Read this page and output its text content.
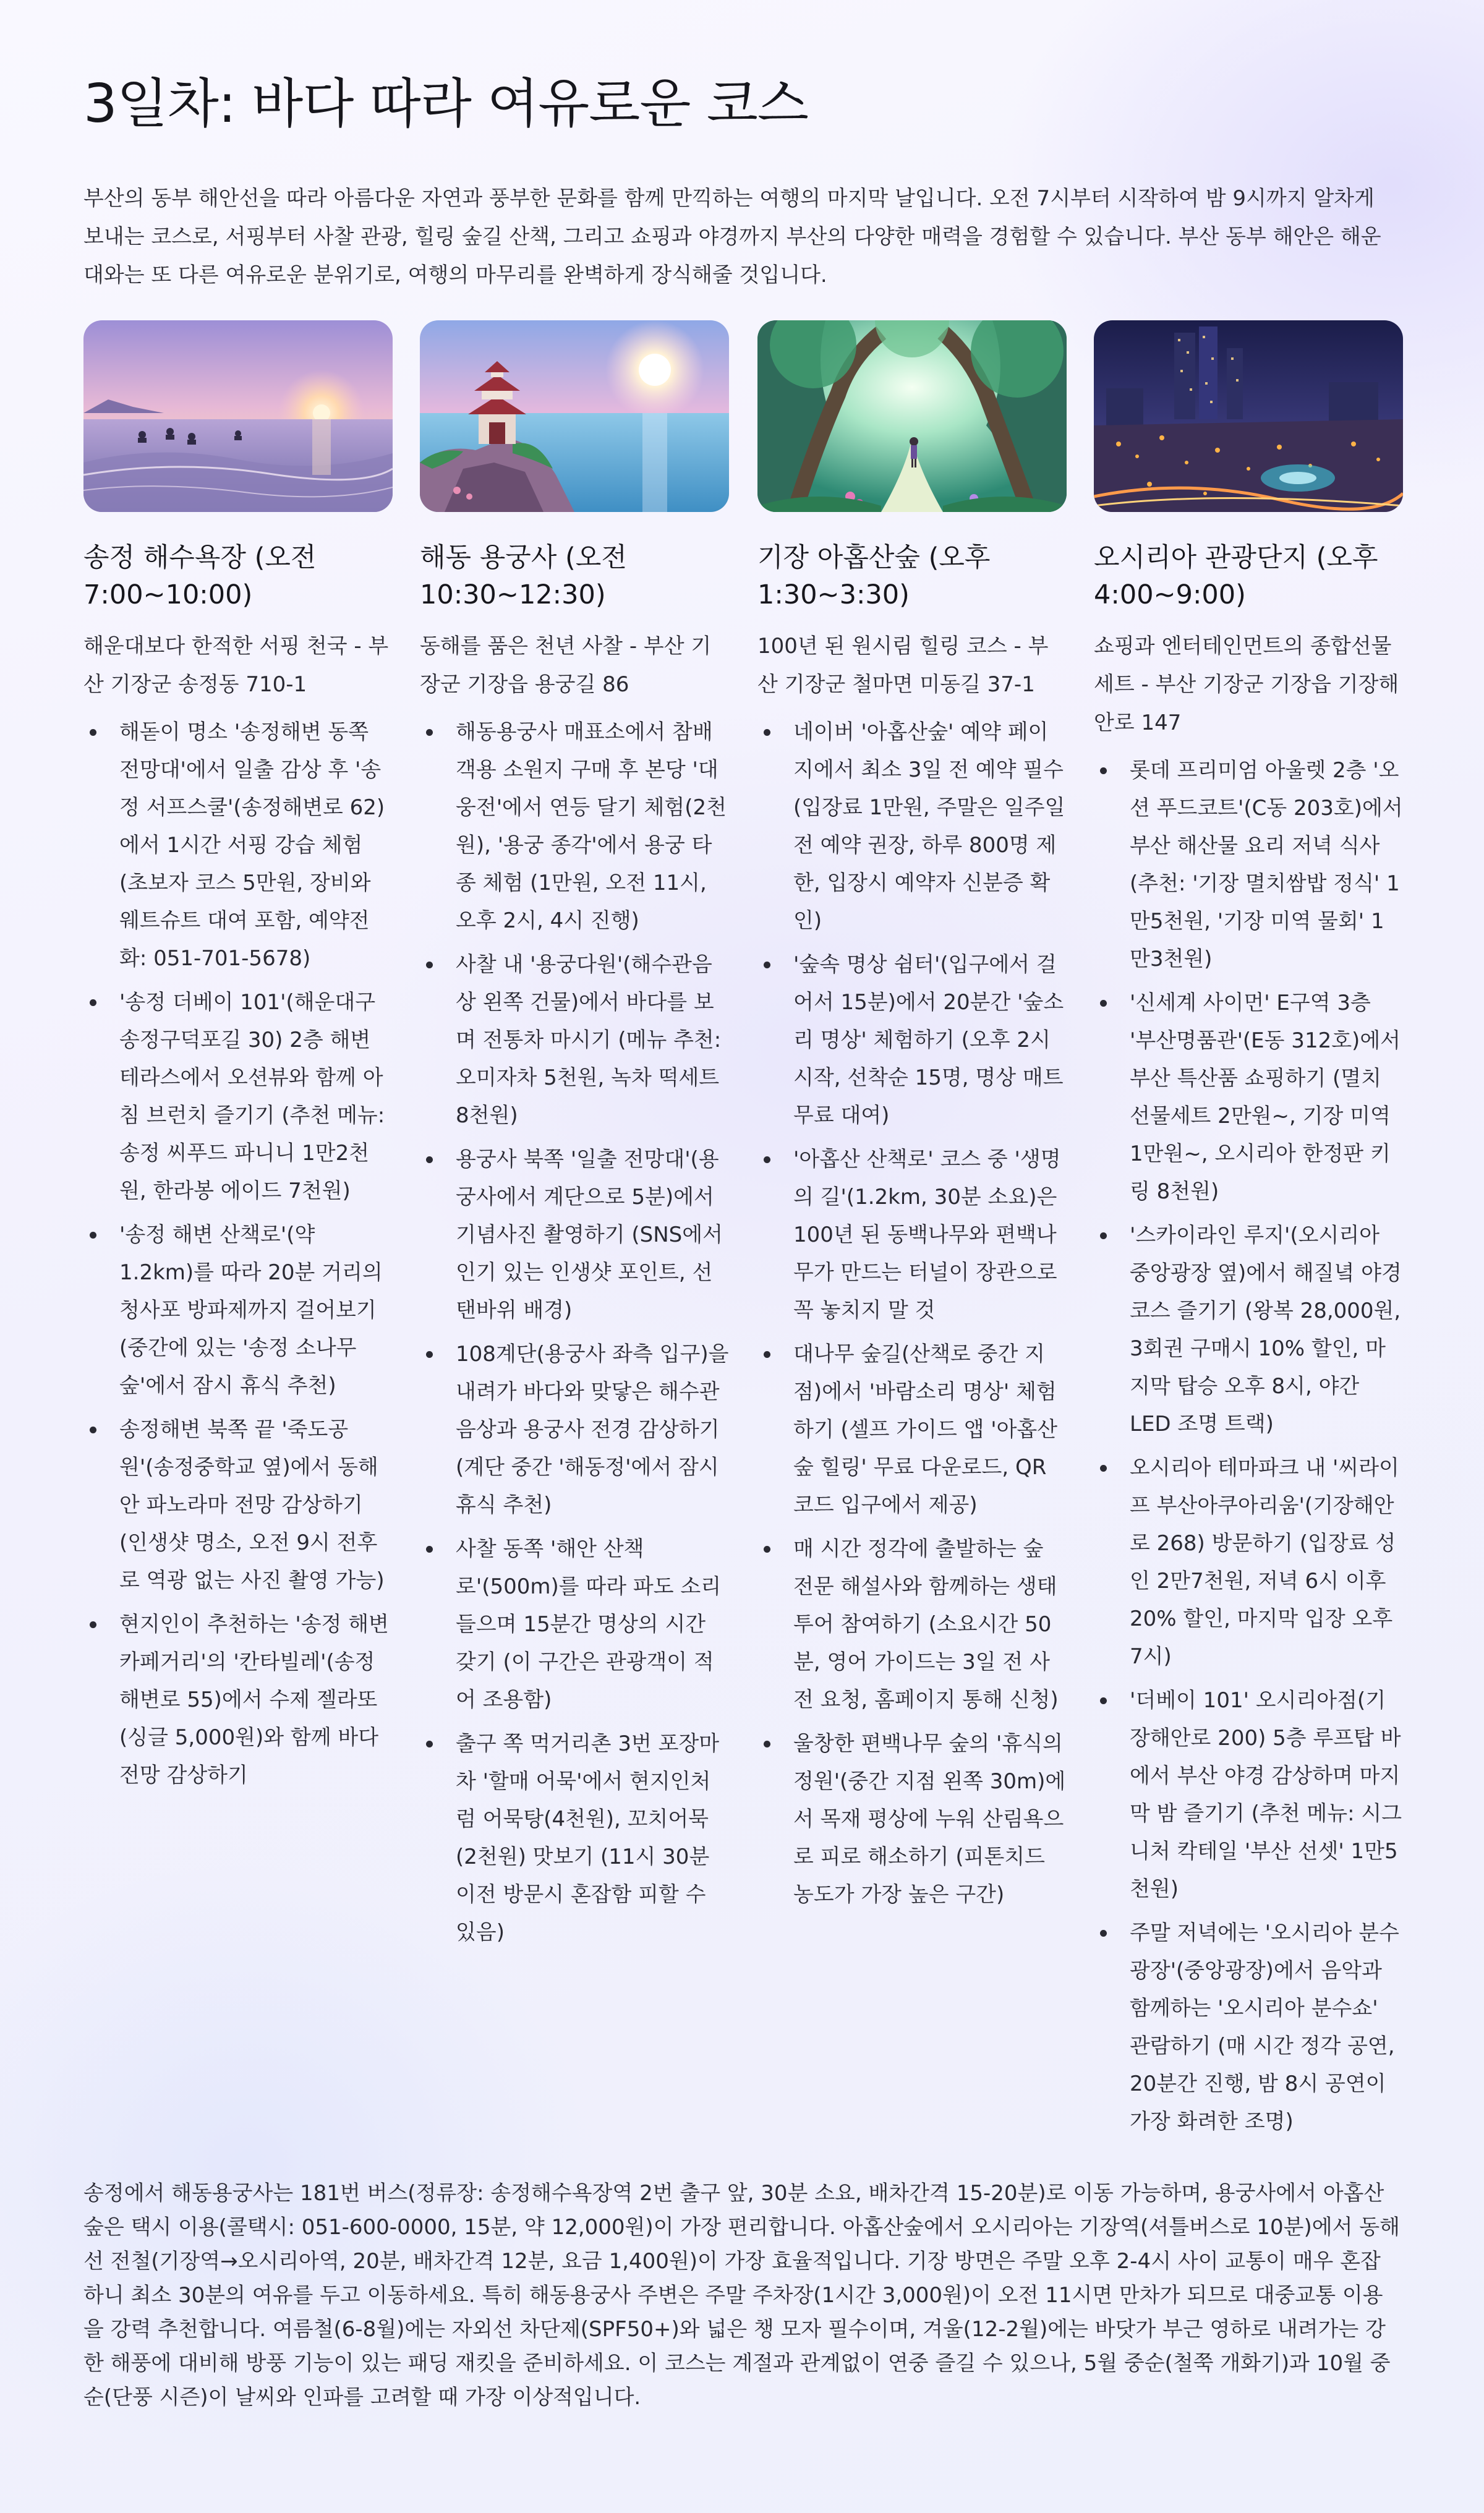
3일차: 바다 따라 여유로운 코스

부산의 동부 해안선을 따라 아름다운 자연과 풍부한 문화를 함께 만끽하는 여행의 마지막 날입니다. 오전 7시부터 시작하여 밤 9시까지 알차게 보내는 코스로, 서핑부터 사찰 관광, 힐링 숲길 산책, 그리고 쇼핑과 야경까지 부산의 다양한 매력을 경험할 수 있습니다. 부산 동부 해안은 해운대와는 또 다른 여유로운 분위기로, 여행의 마무리를 완벽하게 장식해줄 것입니다.

송정 해수욕장 (오전 7:00~10:00)

해운대보다 한적한 서핑 천국 - 부산 기장군 송정동 710-1

해돋이 명소 '송정해변 동쪽 전망대'에서 일출 감상 후 '송정 서프스쿨'(송정해변로 62)에서 1시간 서핑 강습 체험 (초보자 코스 5만원, 장비와 웨트슈트 대여 포함, 예약전화: 051-701-5678)
'송정 더베이 101'(해운대구 송정구덕포길 30) 2층 해변 테라스에서 오션뷰와 함께 아침 브런치 즐기기 (추천 메뉴: 송정 씨푸드 파니니 1만2천원, 한라봉 에이드 7천원)
'송정 해변 산책로'(약 1.2km)를 따라 20분 거리의 청사포 방파제까지 걸어보기 (중간에 있는 '송정 소나무숲'에서 잠시 휴식 추천)
송정해변 북쪽 끝 '죽도공원'(송정중학교 옆)에서 동해안 파노라마 전망 감상하기 (인생샷 명소, 오전 9시 전후로 역광 없는 사진 촬영 가능)
현지인이 추천하는 '송정 해변카페거리'의 '칸타빌레'(송정해변로 55)에서 수제 젤라또(싱글 5,000원)와 함께 바다 전망 감상하기
해동 용궁사 (오전 10:30~12:30)

동해를 품은 천년 사찰 - 부산 기장군 기장읍 용궁길 86

해동용궁사 매표소에서 참배객용 소원지 구매 후 본당 '대웅전'에서 연등 달기 체험(2천원), '용궁 종각'에서 용궁 타종 체험 (1만원, 오전 11시, 오후 2시, 4시 진행)
사찰 내 '용궁다원'(해수관음상 왼쪽 건물)에서 바다를 보며 전통차 마시기 (메뉴 추천: 오미자차 5천원, 녹차 떡세트 8천원)
용궁사 북쪽 '일출 전망대'(용궁사에서 계단으로 5분)에서 기념사진 촬영하기 (SNS에서 인기 있는 인생샷 포인트, 선탠바위 배경)
108계단(용궁사 좌측 입구)을 내려가 바다와 맞닿은 해수관음상과 용궁사 전경 감상하기 (계단 중간 '해동정'에서 잠시 휴식 추천)
사찰 동쪽 '해안 산책로'(500m)를 따라 파도 소리 들으며 15분간 명상의 시간 갖기 (이 구간은 관광객이 적어 조용함)
출구 쪽 먹거리촌 3번 포장마차 '할매 어묵'에서 현지인처럼 어묵탕(4천원), 꼬치어묵(2천원) 맛보기 (11시 30분 이전 방문시 혼잡함 피할 수 있음)
기장 아홉산숲 (오후 1:30~3:30)

100년 된 원시림 힐링 코스 - 부산 기장군 철마면 미동길 37-1

네이버 '아홉산숲' 예약 페이지에서 최소 3일 전 예약 필수 (입장료 1만원, 주말은 일주일 전 예약 권장, 하루 800명 제한, 입장시 예약자 신분증 확인)
'숲속 명상 쉼터'(입구에서 걸어서 15분)에서 20분간 '숲소리 명상' 체험하기 (오후 2시 시작, 선착순 15명, 명상 매트 무료 대여)
'아홉산 산책로' 코스 중 '생명의 길'(1.2km, 30분 소요)은 100년 된 동백나무와 편백나무가 만드는 터널이 장관으로 꼭 놓치지 말 것
대나무 숲길(산책로 중간 지점)에서 '바람소리 명상' 체험하기 (셀프 가이드 앱 '아홉산숲 힐링' 무료 다운로드, QR코드 입구에서 제공)
매 시간 정각에 출발하는 숲 전문 해설사와 함께하는 생태 투어 참여하기 (소요시간 50분, 영어 가이드는 3일 전 사전 요청, 홈페이지 통해 신청)
울창한 편백나무 숲의 '휴식의 정원'(중간 지점 왼쪽 30m)에서 목재 평상에 누워 산림욕으로 피로 해소하기 (피톤치드 농도가 가장 높은 구간)
오시리아 관광단지 (오후 4:00~9:00)

쇼핑과 엔터테인먼트의 종합선물세트 - 부산 기장군 기장읍 기장해안로 147

롯데 프리미엄 아울렛 2층 '오션 푸드코트'(C동 203호)에서 부산 해산물 요리 저녁 식사 (추천: '기장 멸치쌈밥 정식' 1만5천원, '기장 미역 물회' 1만3천원)
'신세계 사이먼' E구역 3층 '부산명품관'(E동 312호)에서 부산 특산품 쇼핑하기 (멸치 선물세트 2만원~, 기장 미역 1만원~, 오시리아 한정판 키링 8천원)
'스카이라인 루지'(오시리아 중앙광장 옆)에서 해질녘 야경 코스 즐기기 (왕복 28,000원, 3회권 구매시 10% 할인, 마지막 탑승 오후 8시, 야간 LED 조명 트랙)
오시리아 테마파크 내 '씨라이프 부산아쿠아리움'(기장해안로 268) 방문하기 (입장료 성인 2만7천원, 저녁 6시 이후 20% 할인, 마지막 입장 오후 7시)
'더베이 101' 오시리아점(기장해안로 200) 5층 루프탑 바에서 부산 야경 감상하며 마지막 밤 즐기기 (추천 메뉴: 시그니처 칵테일 '부산 선셋' 1만5천원)
주말 저녁에는 '오시리아 분수광장'(중앙광장)에서 음악과 함께하는 '오시리아 분수쇼' 관람하기 (매 시간 정각 공연, 20분간 진행, 밤 8시 공연이 가장 화려한 조명)

송정에서 해동용궁사는 181번 버스(정류장: 송정해수욕장역 2번 출구 앞, 30분 소요, 배차간격 15-20분)로 이동 가능하며, 용궁사에서 아홉산숲은 택시 이용(콜택시: 051-600-0000, 15분, 약 12,000원)이 가장 편리합니다. 아홉산숲에서 오시리아는 기장역(셔틀버스로 10분)에서 동해선 전철(기장역→오시리아역, 20분, 배차간격 12분, 요금 1,400원)이 가장 효율적입니다. 기장 방면은 주말 오후 2-4시 사이 교통이 매우 혼잡하니 최소 30분의 여유를 두고 이동하세요. 특히 해동용궁사 주변은 주말 주차장(1시간 3,000원)이 오전 11시면 만차가 되므로 대중교통 이용을 강력 추천합니다. 여름철(6-8월)에는 자외선 차단제(SPF50+)와 넓은 챙 모자 필수이며, 겨울(12-2월)에는 바닷가 부근 영하로 내려가는 강한 해풍에 대비해 방풍 기능이 있는 패딩 재킷을 준비하세요. 이 코스는 계절과 관계없이 연중 즐길 수 있으나, 5월 중순(철쭉 개화기)과 10월 중순(단풍 시즌)이 날씨와 인파를 고려할 때 가장 이상적입니다.
